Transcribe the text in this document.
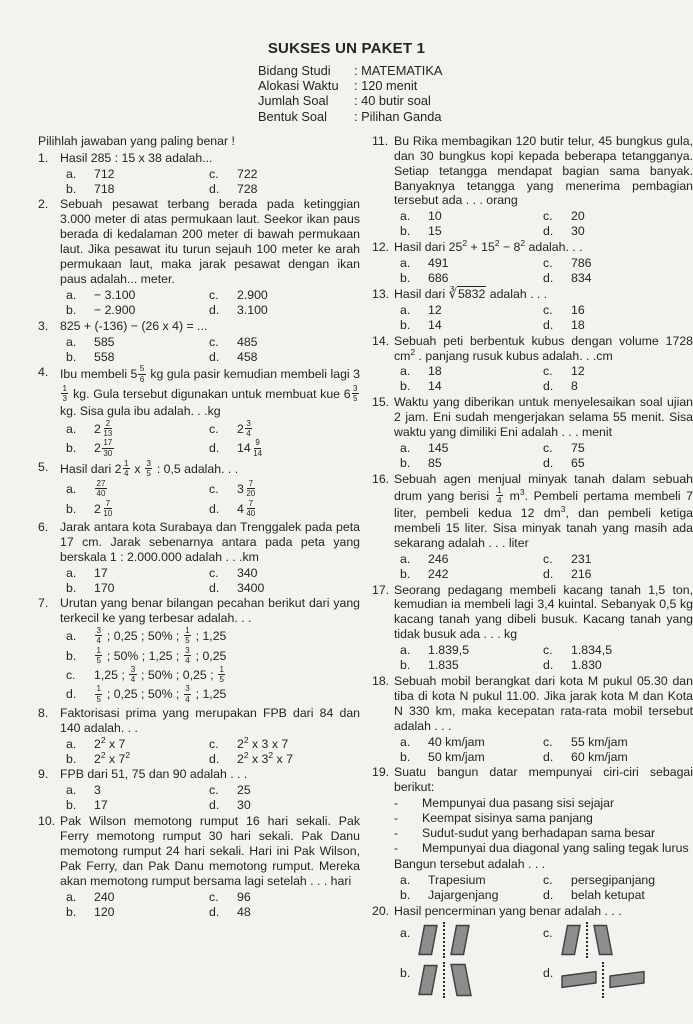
SUKSES UN PAKET 1
Bidang Studi	: MATEMATIKA
Alokasi Waktu	: 120 menit
Jumlah Soal	: 40 butir soal
Bentuk Soal	: Pilihan Ganda
Pilihlah jawaban yang paling benar !
1. Hasil 285 : 15 x 38 adalah...
a.	712	c.	722
b.	718	d.	728
2. Sebuah pesawat terbang berada pada ketinggian 3.000 meter di atas permukaan laut. Seekor ikan paus berada di kedalaman 200 meter di bawah permukaan laut. Jika pesawat itu turun sejauh 100 meter ke arah permukaan laut, maka jarak pesawat dengan ikan paus adalah... meter.
a.	− 3.100	c.	2.900
b.	− 2.900	d.	3.100
3. 825 + (-136) − (26 x 4) = ...
a.	585	c.	485
b.	558	d.	458
4. Ibu membeli $5 \frac{5}{6}$ kg gula pasir kemudian membeli lagi 3
$\frac{1}{3}$ kg. Gula tersebut digunakan untuk membuat kue $6 \frac{3}{5}$
kg. Sisa gula ibu adalah. . .kg
a.	$2 \frac{2}{13}$	c.	$2 \frac{3}{4}$
b.	$2 \frac{17}{30}$	d.	$14 \frac{9}{14}$
5. Hasil dari $2 \frac{1}{4}$ x $\frac{3}{5}$ : 0,5 adalah. . .
a.	$\frac{27}{40}$	c.	$3 \frac{7}{20}$
b.	$2 \frac{7}{10}$	d.	$4 \frac{7}{40}$
6. Jarak antara kota Surabaya dan Trenggalek pada peta 17 cm. Jarak sebenarnya antara pada peta yang berskala 1 : 2.000.000 adalah . . .km
a.	17	c.	340
b.	170	d.	3400
7. Urutan yang benar bilangan pecahan berikut dari yang terkecil ke yang terbesar adalah. . .
a.	$\frac{3}{4}$ ; 0,25 ; 50% ; $\frac{1}{5}$ ; 1,25
b.	$\frac{1}{5}$ ; 50% ; 1,25 ; $\frac{3}{4}$ ; 0,25
c.	1,25 ; $\frac{3}{4}$ ; 50% ; 0,25 ; $\frac{1}{5}$
d.	$\frac{1}{5}$ ; 0,25 ; 50% ; $\frac{3}{4}$ ; 1,25
8. Faktorisasi prima yang merupakan FPB dari 84 dan 140 adalah. . .
a.	$2^2$ x 7	c.	$2^2$ x 3 x 7
b.	$2^2$ x $7^2$	d.	$2^2$ x $3^2$ x 7
9. FPB dari 51, 75 dan 90 adalah . . .
a.	3	c.	25
b.	17	d.	30
10. Pak Wilson memotong rumput 16 hari sekali. Pak Ferry memotong rumput 30 hari sekali. Pak Danu memotong rumput 24 hari sekali. Hari ini Pak Wilson, Pak Ferry, dan Pak Danu memotong rumput. Mereka akan memotong rumput bersama lagi setelah . . . hari
a.	240	c.	96
b.	120	d.	48
11. Bu Rika membagikan 120 butir telur, 45 bungkus gula, dan 30 bungkus kopi kepada beberapa tetangganya. Setiap tetangga mendapat bagian sama banyak. Banyaknya tetangga yang menerima pembagian tersebut ada . . . orang
a.	10	c.	20
b.	15	d.	30
12. Hasil dari $25^2 + 15^2 - 8^2$ adalah. . .
a.	491	c.	786
b.	686	d.	834
13. Hasil dari ∛5832 adalah . . .
a.	12	c.	16
b.	14	d.	18
14. Sebuah peti berbentuk kubus dengan volume 1728 $cm^2$ . panjang rusuk kubus adalah. . .cm
a.	18	c.	12
b.	14	d.	8
15. Waktu yang diberikan untuk menyelesaikan soal ujian 2 jam. Eni sudah mengerjakan selama 55 menit. Sisa waktu yang dimiliki Eni adalah . . . menit
a.	145	c.	75
b.	85	d.	65
16. Sebuah agen menjual minyak tanah dalam sebuah drum yang berisi $\frac{1}{4} m^3$. Pembeli pertama membeli 7 liter, pembeli kedua 12 $dm^3$, dan pembeli ketiga membeli 15 liter. Sisa minyak tanah yang masih ada sekarang adalah . . . liter
a.	246	c.	231
b.	242	d.	216
17. Seorang pedagang membeli kacang tanah 1,5 ton, kemudian ia membeli lagi 3,4 kuintal. Sebanyak 0,5 kg kacang tanah yang dibeli busuk. Kacang tanah yang tidak busuk ada . . . kg
a.	1.839,5	c.	1.834,5
b.	1.835	d.	1.830
18. Sebuah mobil berangkat dari kota M pukul 05.30 dan tiba di kota N pukul 11.00. Jika jarak kota M dan Kota N 330 km, maka kecepatan rata-rata mobil tersebut adalah . . .
a.	40 km/jam	c.	55 km/jam
b.	50 km/jam	d.	60 km/jam
19. Suatu bangun datar mempunyai ciri-ciri sebagai berikut:
-	Mempunyai dua pasang sisi sejajar
-	Keempat sisinya sama panjang
-	Sudut-sudut yang berhadapan sama besar
-	Mempunyai dua diagonal yang saling tegak lurus
Bangun tersebut adalah . . .
a.	Trapesium	c.	persegipanjang
b.	Jajargenjang	d.	belah ketupat
20. Hasil pencerminan yang benar adalah . . .
a.	c.
b.	d.
